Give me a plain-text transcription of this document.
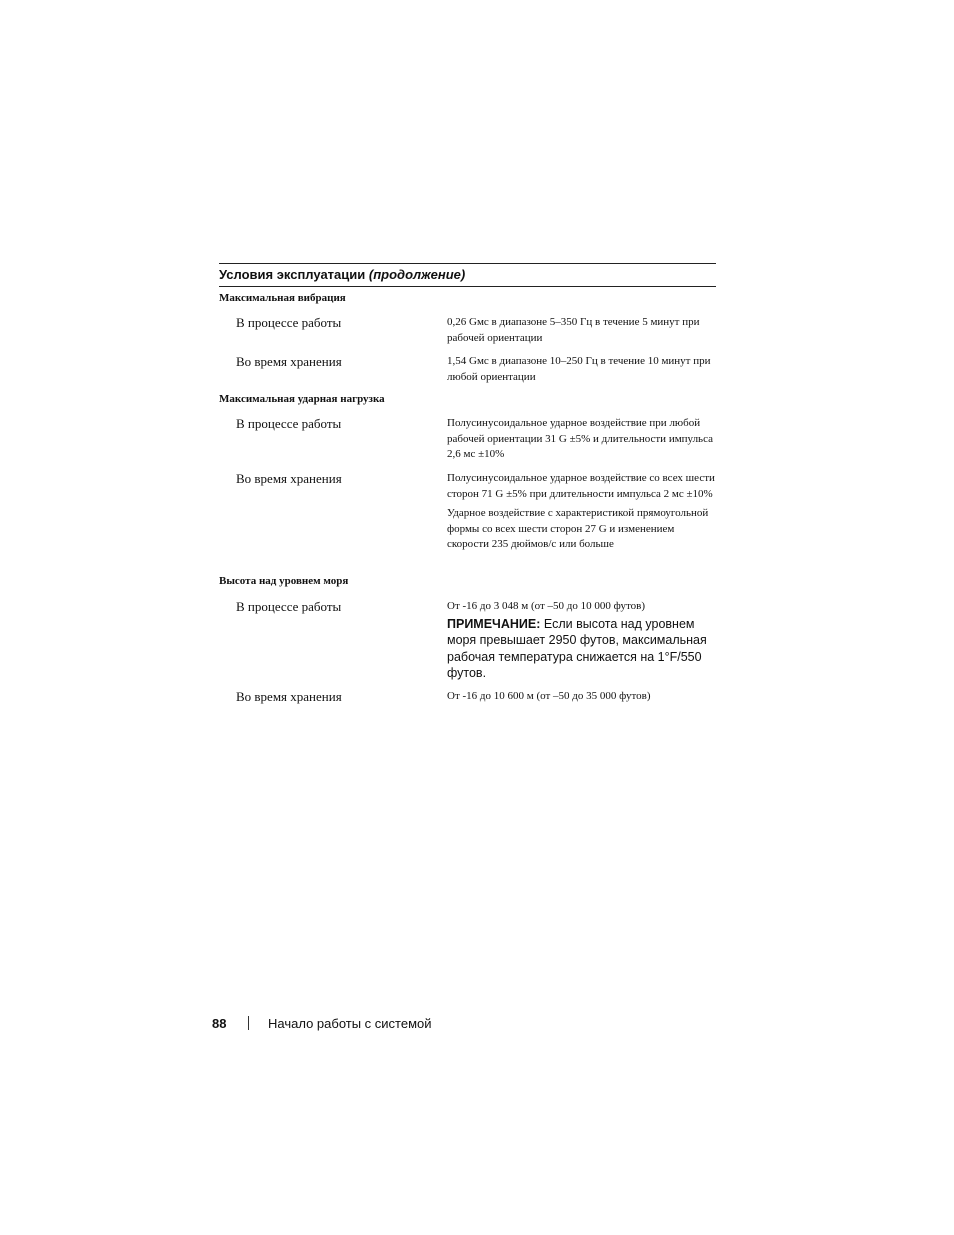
Условия эксплуатации (продолжение)
Максимальная вибрация
В процессе работы	0,26 Gмс в диапазоне 5–350 Гц в течение 5 минут при рабочей ориентации

Во время хранения	1,54 Gмс в диапазоне 10–250 Гц в течение 10 минут при любой ориентации

Максимальная ударная нагрузка
В процессе работы	Полусинусоидальное ударное воздействие при любой рабочей ориентации 31 G ±5% и длительности импульса 2,6 мс ±10%

Во время хранения	Полусинусоидальное ударное воздействие со всех шести сторон 71 G ±5% при длительности импульса 2 мс ±10%

Ударное воздействие с характеристикой прямоугольной формы со всех шести сторон 27 G и изменением скорости 235 дюймов/с или больше

Высота над уровнем моря
В процессе работы	От -16 до 3 048 м (от –50 до 10 000 футов)

ПРИМЕЧАНИЕ: Если высота над уровнем моря превышает 2950 футов, максимальная рабочая температура снижается на 1°F/550 футов.
Во время хранения	От -16 до 10 600 м (от –50 до 35 000 футов)

88	Начало работы с системой
